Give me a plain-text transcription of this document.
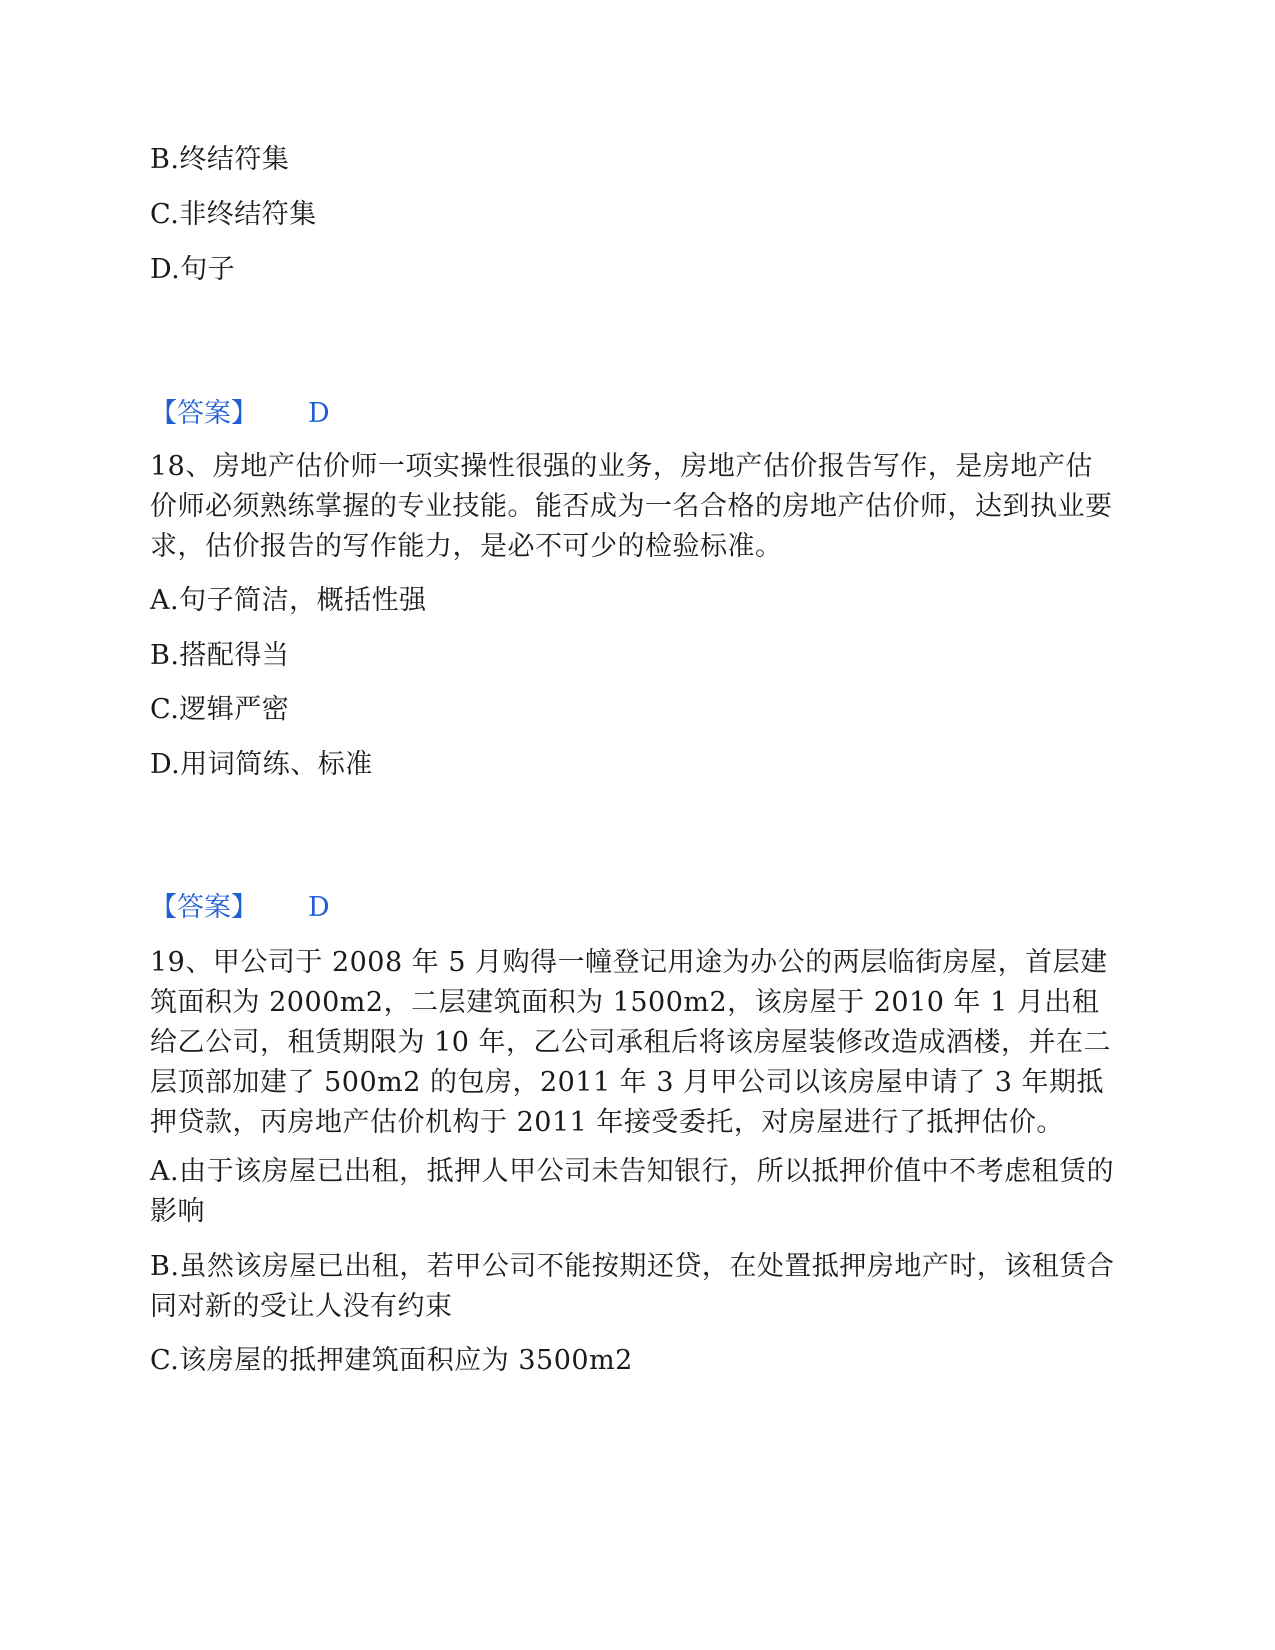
B.终结符集
C.非终结符集
D.句子
【答案】 D
18、房地产估价师一项实操性很强的业务，房地产估价报告写作，是房地产估价师必须熟练掌握的专业技能。能否成为一名合格的房地产估价师，达到执业要求，估价报告的写作能力，是必不可少的检验标准。
A.句子简洁，概括性强
B.搭配得当
C.逻辑严密
D.用词简练、标准
【答案】 D
19、甲公司于 2008 年 5 月购得一幢登记用途为办公的两层临街房屋，首层建筑面积为 2000m2，二层建筑面积为 1500m2，该房屋于 2010 年 1 月出租给乙公司，租赁期限为 10 年，乙公司承租后将该房屋装修改造成酒楼，并在二层顶部加建了 500m2 的包房，2011 年 3 月甲公司以该房屋申请了 3 年期抵押贷款，丙房地产估价机构于 2011 年接受委托，对房屋进行了抵押估价。
A.由于该房屋已出租，抵押人甲公司未告知银行，所以抵押价值中不考虑租赁的影响
B.虽然该房屋已出租，若甲公司不能按期还贷，在处置抵押房地产时，该租赁合同对新的受让人没有约束
C.该房屋的抵押建筑面积应为 3500m2
